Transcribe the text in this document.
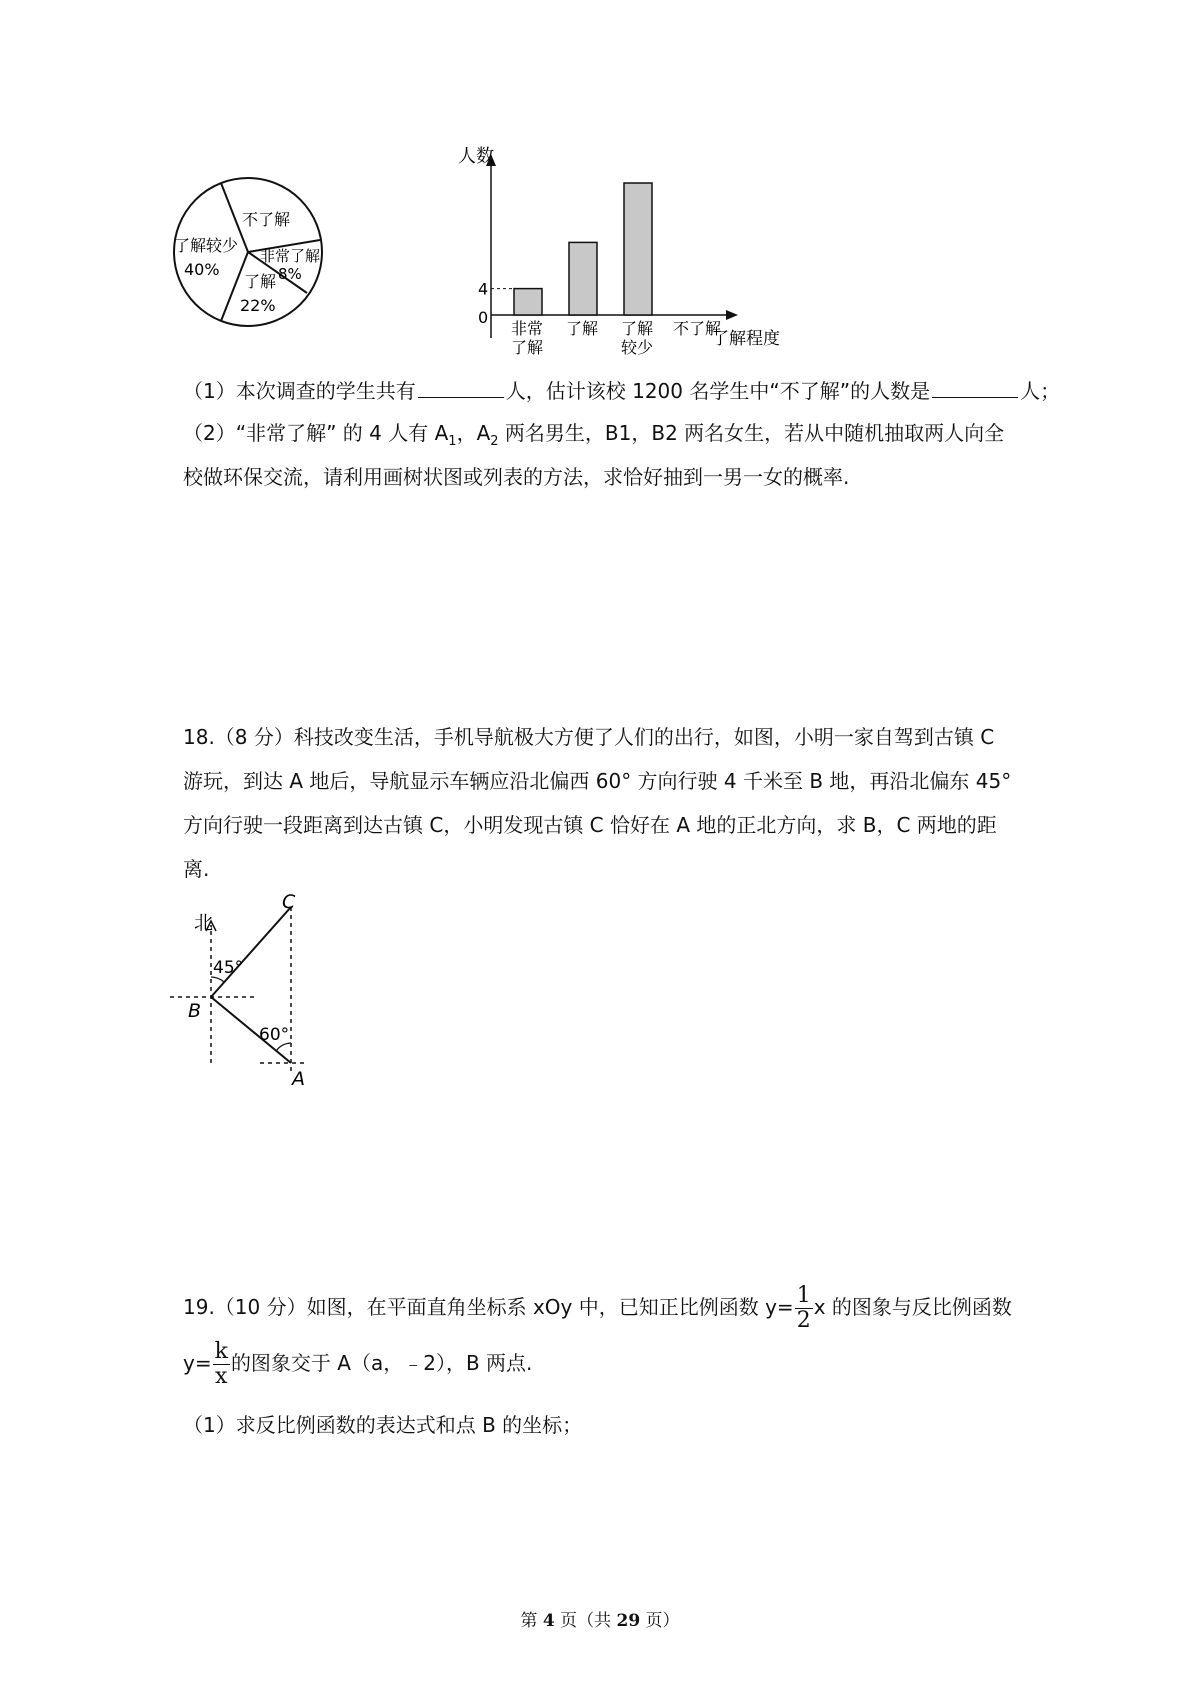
不了解
了解较少
40%
非常了解
8%
了解
22%
人数
了解程度
非常
了解
了解 了解
较少
不了解
4
0
（1）本次调查的学生共有	人，估计该校 1200 名学生中“不了解”的人数是	人；
（2）“非常了解” 的 4 人有 $A_1$，$A_2$ 两名男生，B1，B2 两名女生，若从中随机抽取两人向全
校做环保交流，请利用画树状图或列表的方法，求恰好抽到一男一女的概率.
18.（8 分）科技改变生活，手机导航极大方便了人们的出行，如图，小明一家自驾到古镇 C
游玩，到达 A 地后，导航显示车辆应沿北偏西 60° 方向行驶 4 千米至 B 地，再沿北偏东 45°
方向行驶一段距离到达古镇 C，小明发现古镇 C 恰好在 A 地的正北方向，求 B，C 两地的距
离.
北
C
B
A
45°
60°
19.（10 分）如图，在平面直角坐标系 xOy 中，已知正比例函数 $y= \frac{1}{2}$ x 的图象与反比例函数
$y= \frac{k}{x}$ 的图象交于 A（a，﹣2），B 两点.
（1）求反比例函数的表达式和点 B 的坐标；
第 4 页（共 29 页）
